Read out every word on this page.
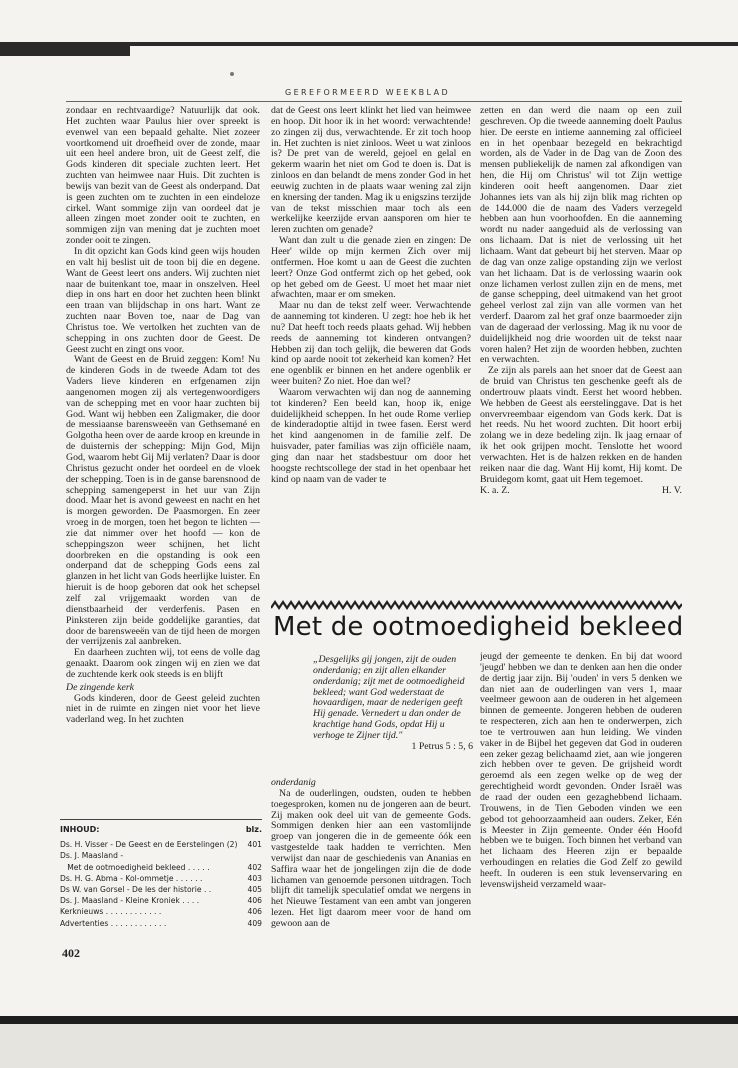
GEREFORMEERD WEEKBLAD

zondaar en rechtvaardige? Natuurlijk dat ook. Het zuchten waar Paulus hier over spreekt is evenwel van een bepaald gehalte. Niet zozeer voortkomend uit droefheid over de zonde, maar uit een heel andere bron, uit de Geest zelf, die Gods kinderen dit speciale zuchten leert. Het zuchten van heimwee naar Huis. Dit zuchten is bewijs van bezit van de Geest als onderpand. Dat is geen zuchten om te zuchten in een eindeloze cirkel. Want sommige zijn van oordeel dat je alleen zingen moet zonder ooit te zuchten, en sommigen zijn van mening dat je zuchten moet zonder ooit te zingen.

In dit opzicht kan Gods kind geen wijs houden en valt hij beslist uit de toon bij die en degene. Want de Geest leert ons anders. Wij zuchten niet naar de buitenkant toe, maar in onszelven. Heel diep in ons hart en door het zuchten heen blinkt een traan van blijdschap in ons hart. Want ze zuchten naar Boven toe, naar de Dag van Christus toe. We vertolken het zuchten van de schepping in ons zuchten door de Geest. De Geest zucht en zingt ons voor.

Want de Geest en de Bruid zeggen: Kom! Nu de kinderen Gods in de tweede Adam tot des Vaders lieve kinderen en erfgenamen zijn aangenomen mogen zij als vertegenwoordigers van de schepping met en voor haar zuchten bij God. Want wij hebben een Zaligmaker, die door de messiaanse barensweeën van Gethsemané en Golgotha heen over de aarde kroop en kreunde in de duisternis der schepping: Mijn God, Mijn God, waarom hebt Gij Mij verlaten? Daar is door Christus gezucht onder het oordeel en de vloek der schepping. Toen is in de ganse barensnood de schepping samengeperst in het uur van Zijn dood. Maar het is avond geweest en nacht en het is morgen geworden. De Paasmorgen. En zeer vroeg in de morgen, toen het begon te lichten — zie dat nimmer over het hoofd — kon de scheppingszon weer schijnen, het licht doorbreken en die opstanding is ook een onderpand dat de schepping Gods eens zal glanzen in het licht van Gods heerlijke luister. En hieruit is de hoop geboren dat ook het schepsel zelf zal vrijgemaakt worden van de dienstbaarheid der verderfenis. Pasen en Pinksteren zijn beide goddelijke garanties, dat door de barensweeën van de tijd heen de morgen der verrijzenis zal aanbreken.

En daarheen zuchten wij, tot eens de volle dag genaakt. Daarom ook zingen wij en zien we dat de zuchtende kerk ook steeds is en blijft

De zingende kerk

Gods kinderen, door de Geest geleid zuchten niet in de ruimte en zingen niet voor het lieve vaderland weg. In het zuchten

dat de Geest ons leert klinkt het lied van heimwee en hoop. Dit hoor ik in het woord: verwachtende! zo zingen zij dus, verwachtende. Er zit toch hoop in. Het zuchten is niet zinloos. Weet u wat zinloos is? De pret van de wereld, gejoel en gelal en gekerm waarin het niet om God te doen is. Dat is zinloos en dan belandt de mens zonder God in het eeuwig zuchten in de plaats waar wening zal zijn en knersing der tanden. Mag ik u enigszins terzijde van de tekst misschien maar toch als een werkelijke keerzijde ervan aansporen om hier te leren zuchten om genade?

Want dan zult u die genade zien en zingen: De Heer' wilde op mijn kermen Zich over mij ontfermen. Hoe komt u aan de Geest die zuchten leert? Onze God ontfermt zich op het gebed, ook op het gebed om de Geest. U moet het maar niet afwachten, maar er om smeken.

Maar nu dan de tekst zelf weer. Verwachtende de aanneming tot kinderen. U zegt: hoe heb ik het nu? Dat heeft toch reeds plaats gehad. Wij hebben reeds de aanneming tot kinderen ontvangen? Hebben zij dan toch gelijk, die beweren dat Gods kind op aarde nooit tot zekerheid kan komen? Het ene ogenblik er binnen en het andere ogenblik er weer buiten? Zo niet. Hoe dan wel?

Waarom verwachten wij dan nog de aanneming tot kinderen? Een beeld kan, hoop ik, enige duidelijkheid scheppen. In het oude Rome verliep de kinderadoptie altijd in twee fasen. Eerst werd het kind aangenomen in de familie zelf. De huisvader, pater familias was zijn officiële naam, ging dan naar het stadsbestuur om door het hoogste rechtscollege der stad in het openbaar het kind op naam van de vader te

zetten en dan werd die naam op een zuil geschreven. Op die tweede aanneming doelt Paulus hier. De eerste en intieme aanneming zal officieel en in het openbaar bezegeld en bekrachtigd worden, als de Vader in de Dag van de Zoon des mensen publiekelijk de namen zal afkondigen van hen, die Hij om Christus' wil tot Zijn wettige kinderen ooit heeft aangenomen. Daar ziet Johannes iets van als hij zijn blik mag richten op de 144.000 die de naam des Vaders verzegeld hebben aan hun voorhoofden. En die aanneming wordt nu nader aangeduid als de verlossing van ons lichaam. Dat is niet de verlossing uit het lichaam. Want dat gebeurt bij het sterven. Maar op de dag van onze zalige opstanding zijn we verlost van het lichaam. Dat is de verlossing waarin ook onze lichamen verlost zullen zijn en de mens, met de ganse schepping, deel uitmakend van het groot geheel verlost zal zijn van alle vormen van het verderf. Daarom zal het graf onze baarmoeder zijn van de dageraad der verlossing. Mag ik nu voor de duidelijkheid nog drie woorden uit de tekst naar voren halen? Het zijn de woorden hebben, zuchten en verwachten.

Ze zijn als parels aan het snoer dat de Geest aan de bruid van Christus ten geschenke geeft als de ondertrouw plaats vindt. Eerst het woord hebben. We hebben de Geest als eerstelinggave. Dat is het onvervreembaar eigendom van Gods kerk. Dat is het reeds. Nu het woord zuchten. Dit hoort erbij zolang we in deze bedeling zijn. Ik jaag ernaar of ik het ook grijpen mocht. Tenslotte het woord verwachten. Het is de halzen rekken en de handen reiken naar die dag. Want Hij komt, Hij komt. De Bruidegom komt, gaat uit Hem tegemoet.

K. a. Z.	H. V.
Met de ootmoedigheid bekleed
„Desgelijks gij jongen, zijt de ouden onderdanig; en zijt allen elkander onderdanig; zijt met de ootmoedigheid bekleed; want God wederstaat de hovaardigen, maar de nederigen geeft Hij genade. Vernedert u dan onder de krachtige hand Gods, opdat Hij u verhoge te Zijner tijd."
1 Petrus 5 : 5, 6
onderdanig

Na de ouderlingen, oudsten, ouden te hebben toegesproken, komen nu de jongeren aan de beurt. Zij maken ook deel uit van de gemeente Gods. Sommigen denken hier aan een vastomlijnde groep van jongeren die in de gemeente óók een vastgestelde taak hadden te verrichten. Men verwijst dan naar de geschiedenis van Ananias en Saffira waar het de jongelingen zijn die de dode lichamen van genoemde personen uitdragen. Toch blijft dit tamelijk speculatief omdat we nergens in het Nieuwe Testament van een ambt van jongeren lezen. Het ligt daarom meer voor de hand om gewoon aan de

jeugd der gemeente te denken. En bij dat woord 'jeugd' hebben we dan te denken aan hen die onder de dertig jaar zijn. Bij 'ouden' in vers 5 denken we dan niet aan de ouderlingen van vers 1, maar veelmeer gewoon aan de ouderen in het algemeen binnen de gemeente. Jongeren hebben de ouderen te respecteren, zich aan hen te onderwerpen, zich toe te vertrouwen aan hun leiding. We vinden vaker in de Bijbel het gegeven dat God in ouderen een zeker gezag belichaamd ziet, aan wie jongeren zich hebben over te geven. De grijsheid wordt geroemd als een zegen welke op de weg der gerechtigheid wordt gevonden. Onder Israël was de raad der ouden een gezaghebbend lichaam. Trouwens, in de Tien Geboden vinden we een gebod tot gehoorzaamheid aan ouders. Zeker, Eén is Meester in Zijn gemeente. Onder één Hoofd hebben we te buigen. Toch binnen het verband van het lichaam des Heeren zijn er bepaalde verhoudingen en relaties die God Zelf zo gewild heeft. In ouderen is een stuk levenservaring en levenswijsheid verzameld waar-

INHOUD:	blz.
Ds. H. Visser - De Geest en de Eerstelingen (2)	401
Ds. J. Maasland -
Met de ootmoedigheid bekleed . . . . .	402
Ds. H. G. Abma - Kol-ommetje . . . . . .	403
Ds W. van Gorsel - De les der historie . .	405
Ds. J. Maasland - Kleine Kroniek . . . .	406
Kerknieuws . . . . . . . . . . . .	406
Advertenties . . . . . . . . . . . .	409
402
